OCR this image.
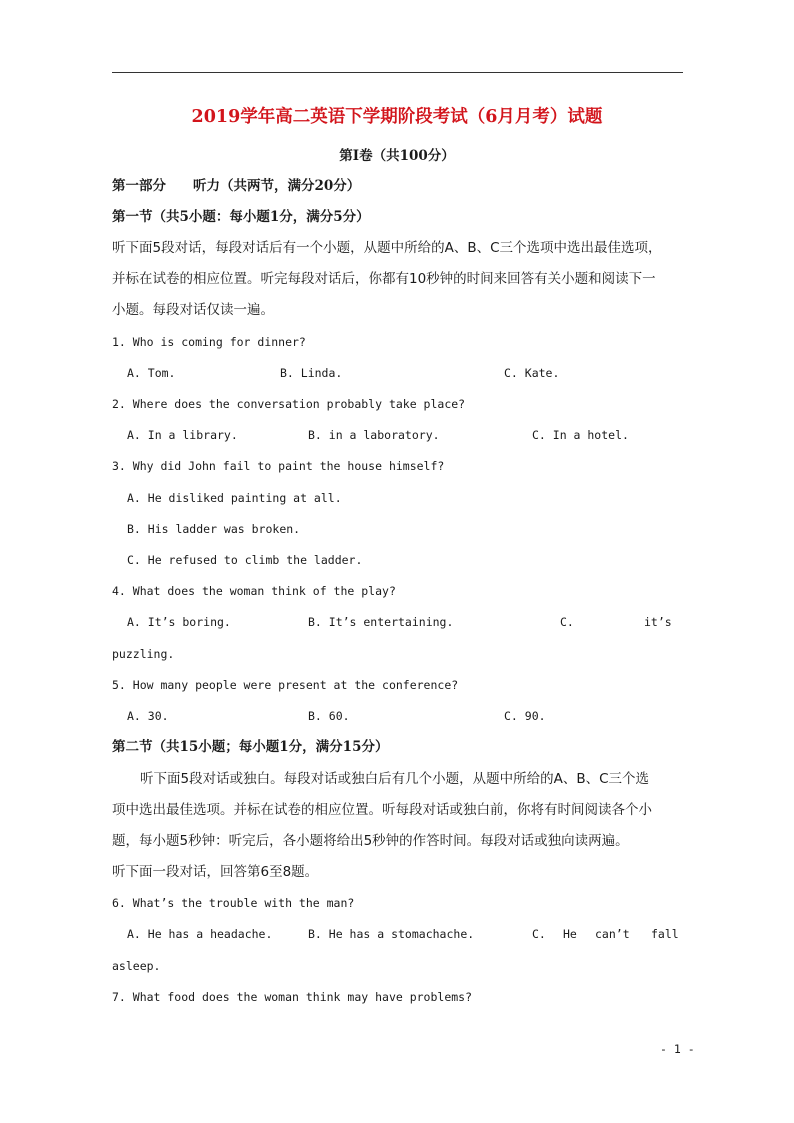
2019学年高二英语下学期阶段考试（6月月考）试题
第I卷（共100分）
第一部分　　听力（共两节，满分20分）
第一节（共5小题：每小题1分，满分5分）
听下面5段对话，每段对话后有一个小题，从题中所给的A、B、C三个选项中选出最佳选项，
并标在试卷的相应位置。听完每段对话后，你都有10秒钟的时间来回答有关小题和阅读下一
小题。每段对话仅读一遍。
1. Who is coming for dinner?
A. Tom.	B. Linda.	C. Kate.
2. Where does the conversation probably take place?
A. In a library.	B. in a laboratory.	C. In a hotel.
3. Why did John fail to paint the house himself?
A. He disliked painting at all.
B. His ladder was broken.
C. He refused to climb the ladder.
4. What does the woman think of the play?
A. It’s boring.	B. It’s entertaining.	C.	it’s
puzzling.
5. How many people were present at the conference?
A. 30.	B. 60.	C. 90.
第二节（共15小题；每小题1分，满分15分）
听下面5段对话或独白。每段对话或独白后有几个小题，从题中所给的A、B、C三个选
项中选出最佳选项。并标在试卷的相应位置。听每段对话或独白前，你将有时间阅读各个小
题，每小题5秒钟：听完后，各小题将给出5秒钟的作答时间。每段对话或独向读两遍。
听下面一段对话，回答第6至8题。
6. What’s the trouble with the man?
A. He has a headache.	B. He has a stomachache.	C. He can’t fall
asleep.
7. What food does the woman think may have problems?
- 1 -
